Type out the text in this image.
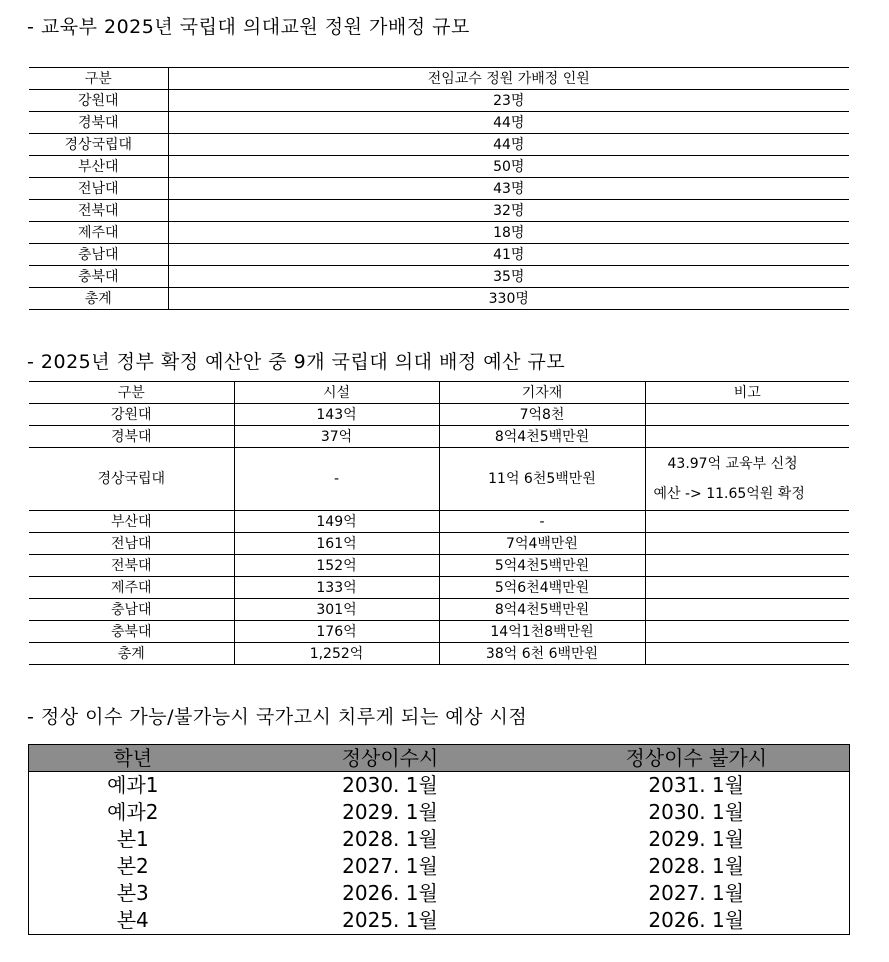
- 교육부 2025년 국립대 의대교원 정원 가배정 규모
구분	전임교수 정원 가배정 인원
강원대	23명
경북대	44명
경상국립대	44명
부산대	50명
전남대	43명
전북대	32명
제주대	18명
충남대	41명
충북대	35명
총계	330명
- 2025년 정부 확정 예산안 중 9개 국립대 의대 배정 예산 규모
구분	시설	기자재	비고
강원대	143억	7억8천	
경북대	37억	8억4천5백만원	
경상국립대	-	11억 6천5백만원	43.97억 교육부 신청
예산 -> 11.65억원 확정

부산대	149억	-	
전남대	161억	7억4백만원	
전북대	152억	5억4천5백만원	
제주대	133억	5억6천4백만원	
충남대	301억	8억4천5백만원	
충북대	176억	14억1천8백만원	
총계	1,252억	38억 6천 6백만원	
- 정상 이수 가능/불가능시 국가고시 치루게 되는 예상 시점
학년	정상이수시	정상이수 불가시
예과1	2030. 1월	2031. 1월
예과2	2029. 1월	2030. 1월
본1	2028. 1월	2029. 1월
본2	2027. 1월	2028. 1월
본3	2026. 1월	2027. 1월
본4	2025. 1월	2026. 1월
